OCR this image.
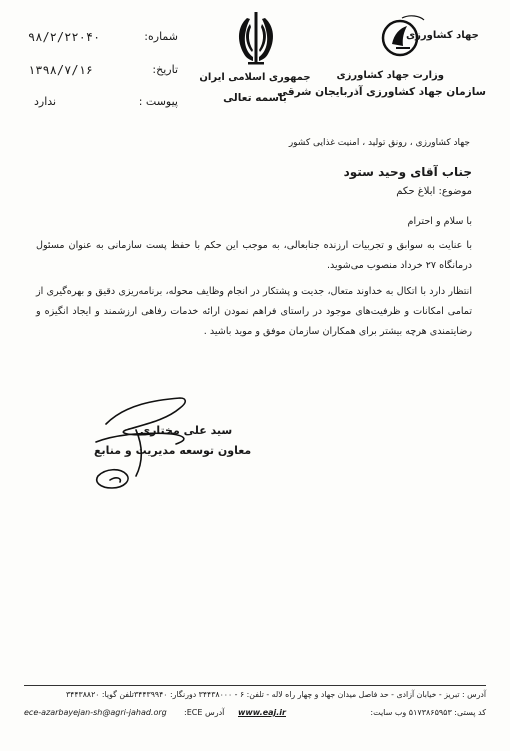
۹۸/۲/۲۲۰۴۰	شماره:
۱۳۹۸/۷/۱۶	تاریخ:
ندارد	پیوست :
جمهوری اسلامی ایران
باسمه تعالی
جهاد کشاورزی
وزارت جهاد کشاورزی
سازمان جهاد کشاورزی آذربایجان شرقی
جهاد کشاورزی ، رونق تولید ، امنیت غذایی کشور
جناب آقای وحید ستود
موضوع: ابلاغ حکم
با سلام و احترام
با عنایت به سوابق و تجربیات ارزنده جنابعالی، به موجب این حکم با حفظ پست سازمانی به عنوان مسئول درمانگاه ۲۷ خرداد منصوب می‌شوید.
انتظار دارد با اتکال به خداوند متعال، جدیت و پشتکار در انجام وظایف محوله، برنامه‌ریزی دقیق و بهره‌گیری از تمامی امکانات و ظرفیت‌های موجود در راستای فراهم نمودن ارائه خدمات رفاهی ارزشمند و ایجاد انگیزه و رضایتمندی هرچه بیشتر برای همکاران سازمان موفق و موید باشید .
سید علی مختاری
معاون توسعه مدیریت و منابع
آدرس : تبریز - خیابان آزادی - حد فاصل میدان جهاد و چهار راه لاله - تلفن: ۶ - ۳۴۴۳۸۰۰۰ دورنگار: ۳۴۴۳۹۹۴۰تلفن گویا: ۳۴۴۳۸۸۲۰
کد پستی: ۵۱۷۳۸۶۵۹۵۳ وب سایت:
www.eaj.ir
آدرس ECE:
ece-azarbayejan-sh@agri-jahad.org
